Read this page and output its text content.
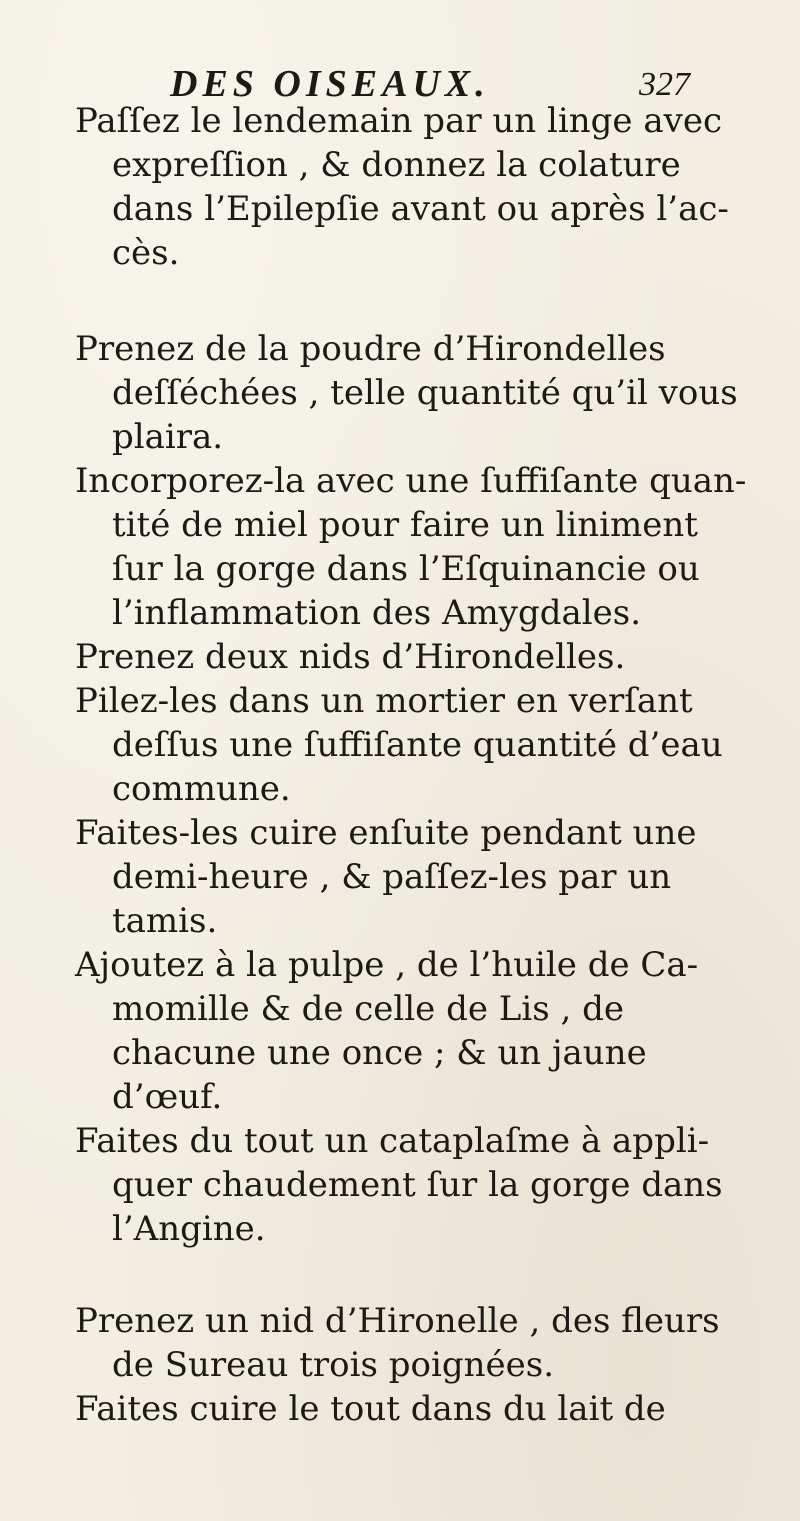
DES OISEAUX.	327
Paſſez le lendemain par un linge avec
expreſſion , & donnez la colature
dans l’Epilepſie avant ou après l’ac-
cès.
Prenez de la poudre d’Hirondelles
deſſéchées , telle quantité qu’il vous
plaira.
Incorporez-la avec une ſuffiſante quan-
tité de miel pour faire un liniment
ſur la gorge dans l’Eſquinancie ou
l’inflammation des Amygdales.
Prenez deux nids d’Hirondelles.
Pilez-les dans un mortier en verſant
deſſus une ſuffiſante quantité d’eau
commune.
Faites-les cuire enſuite pendant une
demi-heure , & paſſez-les par un
tamis.
Ajoutez à la pulpe , de l’huile de Ca-
momille & de celle de Lis , de
chacune une once ; & un jaune
d’œuf.
Faites du tout un cataplaſme à appli-
quer chaudement ſur la gorge dans
l’Angine.
Prenez un nid d’Hironelle , des fleurs
de Sureau trois poignées.
Faites cuire le tout dans du lait de
